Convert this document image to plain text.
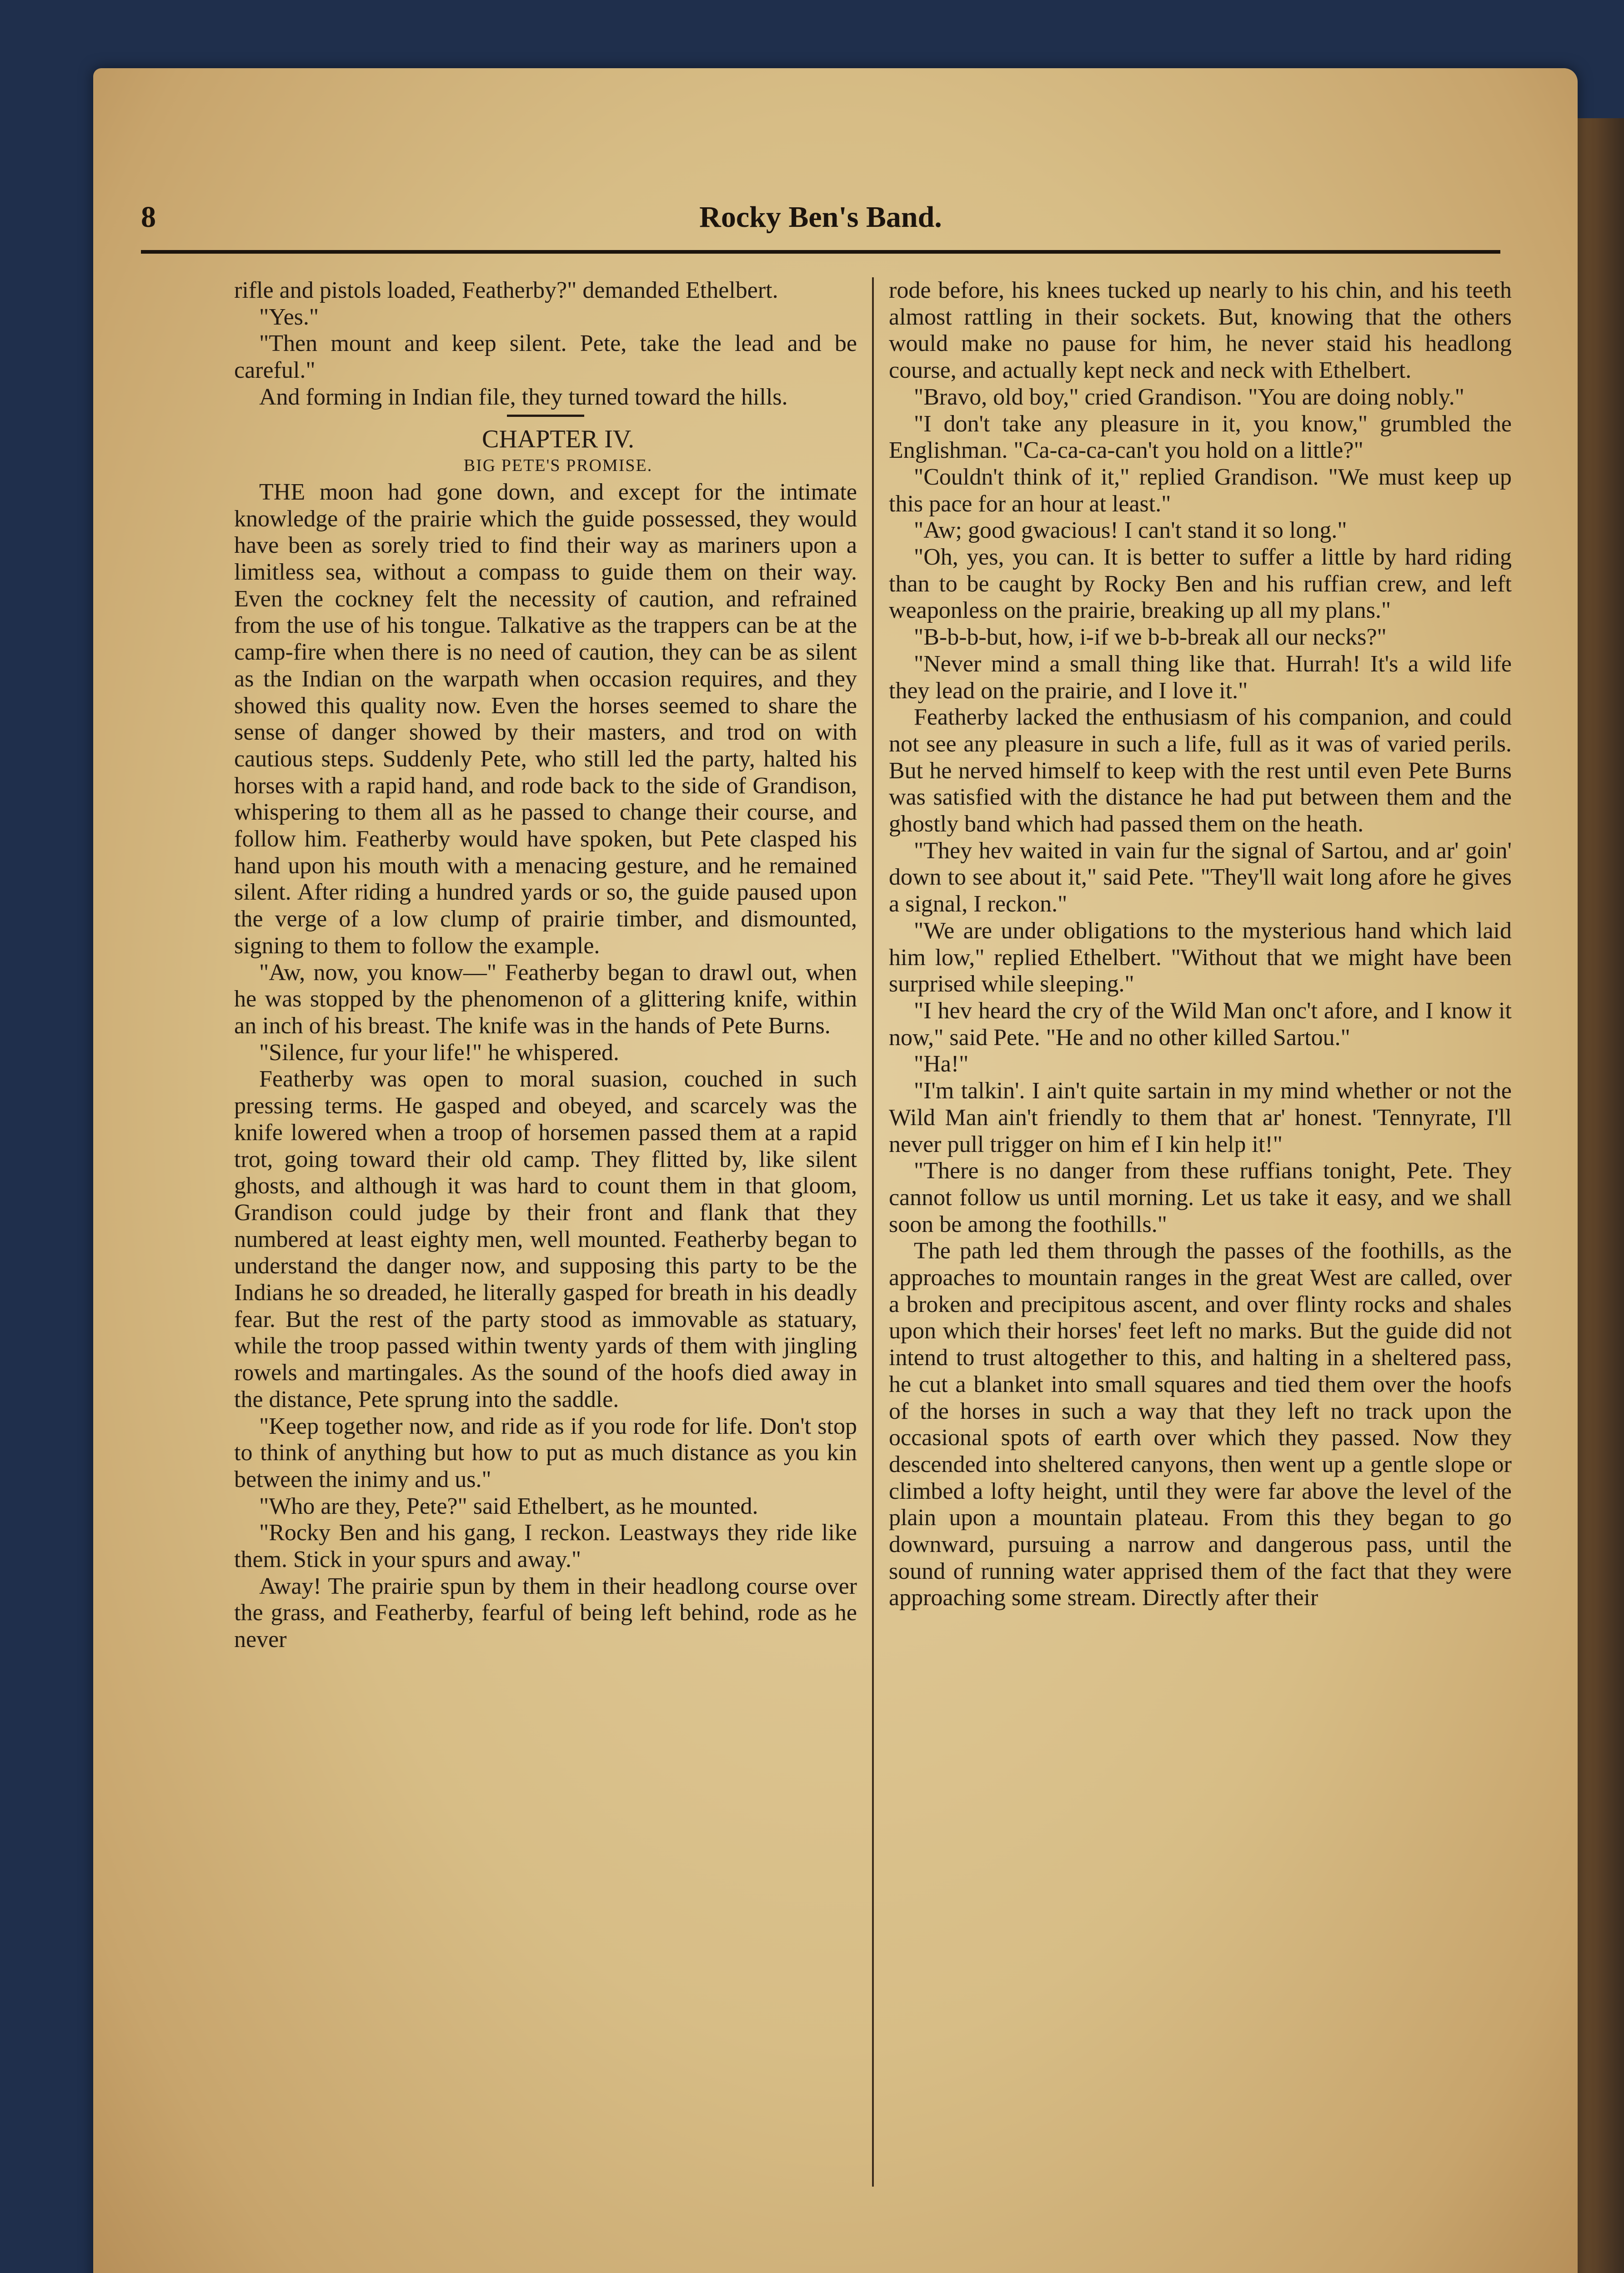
8	Rocky Ben's Band.

rifle and pistols loaded, Featherby?" demanded Ethelbert.

"Yes."

"Then mount and keep silent. Pete, take the lead and be careful."

And forming in Indian file, they turned toward the hills.

CHAPTER IV.

BIG PETE'S PROMISE.

THE moon had gone down, and except for the intimate knowledge of the prairie which the guide possessed, they would have been as sorely tried to find their way as mariners upon a limitless sea, without a compass to guide them on their way. Even the cockney felt the necessity of caution, and refrained from the use of his tongue. Talkative as the trappers can be at the camp-fire when there is no need of caution, they can be as silent as the Indian on the warpath when occasion requires, and they showed this quality now. Even the horses seemed to share the sense of danger showed by their masters, and trod on with cautious steps. Suddenly Pete, who still led the party, halted his horses with a rapid hand, and rode back to the side of Grandison, whispering to them all as he passed to change their course, and follow him. Featherby would have spoken, but Pete clasped his hand upon his mouth with a menacing gesture, and he remained silent. After riding a hundred yards or so, the guide paused upon the verge of a low clump of prairie timber, and dismounted, signing to them to follow the example.

"Aw, now, you know—" Featherby began to drawl out, when he was stopped by the phenomenon of a glittering knife, within an inch of his breast. The knife was in the hands of Pete Burns.

"Silence, fur your life!" he whispered.

Featherby was open to moral suasion, couched in such pressing terms. He gasped and obeyed, and scarcely was the knife lowered when a troop of horsemen passed them at a rapid trot, going toward their old camp. They flitted by, like silent ghosts, and although it was hard to count them in that gloom, Grandison could judge by their front and flank that they numbered at least eighty men, well mounted. Featherby began to understand the danger now, and supposing this party to be the Indians he so dreaded, he literally gasped for breath in his deadly fear. But the rest of the party stood as immovable as statuary, while the troop passed within twenty yards of them with jingling rowels and martingales. As the sound of the hoofs died away in the distance, Pete sprung into the saddle.

"Keep together now, and ride as if you rode for life. Don't stop to think of anything but how to put as much distance as you kin between the inimy and us."

"Who are they, Pete?" said Ethelbert, as he mounted.

"Rocky Ben and his gang, I reckon. Leastways they ride like them. Stick in your spurs and away."

Away! The prairie spun by them in their headlong course over the grass, and Featherby, fearful of being left behind, rode as he never

rode before, his knees tucked up nearly to his chin, and his teeth almost rattling in their sockets. But, knowing that the others would make no pause for him, he never staid his headlong course, and actually kept neck and neck with Ethelbert.

"Bravo, old boy," cried Grandison. "You are doing nobly."

"I don't take any pleasure in it, you know," grumbled the Englishman. "Ca-ca-ca-can't you hold on a little?"

"Couldn't think of it," replied Grandison. "We must keep up this pace for an hour at least."

"Aw; good gwacious! I can't stand it so long."

"Oh, yes, you can. It is better to suffer a little by hard riding than to be caught by Rocky Ben and his ruffian crew, and left weaponless on the prairie, breaking up all my plans."

"B-b-b-but, how, i-if we b-b-break all our necks?"

"Never mind a small thing like that. Hurrah! It's a wild life they lead on the prairie, and I love it."

Featherby lacked the enthusiasm of his companion, and could not see any pleasure in such a life, full as it was of varied perils. But he nerved himself to keep with the rest until even Pete Burns was satisfied with the distance he had put between them and the ghostly band which had passed them on the heath.

"They hev waited in vain fur the signal of Sartou, and ar' goin' down to see about it," said Pete. "They'll wait long afore he gives a signal, I reckon."

"We are under obligations to the mysterious hand which laid him low," replied Ethelbert. "Without that we might have been surprised while sleeping."

"I hev heard the cry of the Wild Man onc't afore, and I know it now," said Pete. "He and no other killed Sartou."

"Ha!"

"I'm talkin'. I ain't quite sartain in my mind whether or not the Wild Man ain't friendly to them that ar' honest. 'Tennyrate, I'll never pull trigger on him ef I kin help it!"

"There is no danger from these ruffians tonight, Pete. They cannot follow us until morning. Let us take it easy, and we shall soon be among the foothills."

The path led them through the passes of the foothills, as the approaches to mountain ranges in the great West are called, over a broken and precipitous ascent, and over flinty rocks and shales upon which their horses' feet left no marks. But the guide did not intend to trust altogether to this, and halting in a sheltered pass, he cut a blanket into small squares and tied them over the hoofs of the horses in such a way that they left no track upon the occasional spots of earth over which they passed. Now they descended into sheltered canyons, then went up a gentle slope or climbed a lofty height, until they were far above the level of the plain upon a mountain plateau. From this they began to go downward, pursuing a narrow and dangerous pass, until the sound of running water apprised them of the fact that they were approaching some stream. Directly after their
